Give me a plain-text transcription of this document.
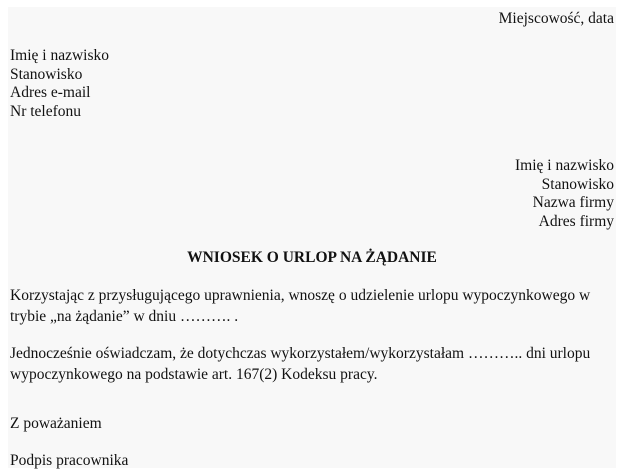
Miejscowość, data
Imię i nazwisko
Stanowisko
Adres e-mail
Nr telefonu
Imię i nazwisko
Stanowisko
Nazwa firmy
Adres firmy
WNIOSEK O URLOP NA ŻĄDANIE
Korzystając z przysługującego uprawnienia, wnoszę o udzielenie urlopu wypoczynkowego w trybie „na żądanie” w dniu ………. .
Jednocześnie oświadczam, że dotychczas wykorzystałem/wykorzystałam ……….. dni urlopu wypoczynkowego na podstawie art. 167(2) Kodeksu pracy.
Z poważaniem
Podpis pracownika
